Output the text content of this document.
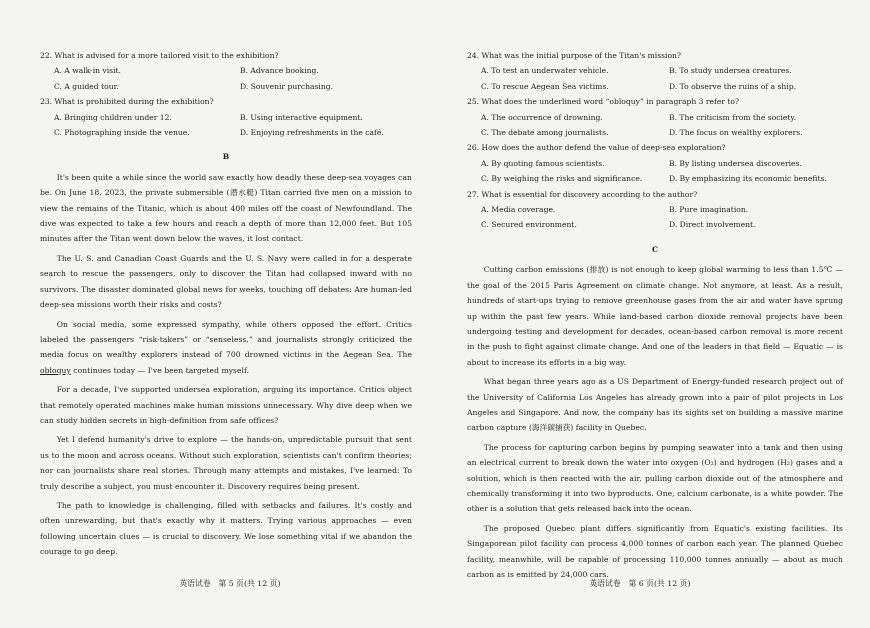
22. What is advised for a more tailored visit to the exhibition?

A. A walk-in visit.	B. Advance booking.
C. A guided tour.	D. Souvenir purchasing.

23. What is prohibited during the exhibition?

A. Bringing children under 12.	B. Using interactive equipment.
C. Photographing inside the venue.	D. Enjoying refreshments in the café.
B

It's been quite a while since the world saw exactly how deadly these deep-sea voyages can be. On June 18, 2023, the private submersible (潜水艇) Titan carried five men on a mission to view the remains of the Titanic, which is about 400 miles off the coast of Newfoundland. The dive was expected to take a few hours and reach a depth of more than 12,000 feet. But 105 minutes after the Titan went down below the waves, it lost contact.

The U. S. and Canadian Coast Guards and the U. S. Navy were called in for a desperate search to rescue the passengers, only to discover the Titan had collapsed inward with no survivors. The disaster dominated global news for weeks, touching off debates: Are human-led deep-sea missions worth their risks and costs?

On social media, some expressed sympathy, while others opposed the effort. Critics labeled the passengers “risk-takers” or “senseless,” and journalists strongly criticized the media focus on wealthy explorers instead of 700 drowned victims in the Aegean Sea. The obloquy continues today — I've been targeted myself.

For a decade, I've supported undersea exploration, arguing its importance. Critics object that remotely operated machines make human missions unnecessary. Why dive deep when we can study hidden secrets in high-definition from safe offices?

Yet I defend humanity's drive to explore — the hands-on, unpredictable pursuit that sent us to the moon and across oceans. Without such exploration, scientists can't confirm theories; nor can journalists share real stories. Through many attempts and mistakes, I've learned: To truly describe a subject, you must encounter it. Discovery requires being present.

The path to knowledge is challenging, filled with setbacks and failures. It's costly and often unrewarding, but that's exactly why it matters. Trying various approaches — even following uncertain clues — is crucial to discovery. We lose something vital if we abandon the courage to go deep.

24. What was the initial purpose of the Titan's mission?

A. To test an underwater vehicle.	B. To study undersea creatures.
C. To rescue Aegean Sea victims.	D. To observe the ruins of a ship.

25. What does the underlined word “obloquy” in paragraph 3 refer to?

A. The occurrence of drowning.	B. The criticism from the society.
C. The debate among journalists.	D. The focus on wealthy explorers.

26. How does the author defend the value of deep-sea exploration?

A. By quoting famous scientists.	B. By listing undersea discoveries.
C. By weighing the risks and significance.	D. By emphasizing its economic benefits.

27. What is essential for discovery according to the author?

A. Media coverage.	B. Pure imagination.
C. Secured environment.	D. Direct involvement.
C

Cutting carbon emissions (排放) is not enough to keep global warming to less than 1.5℃ — the goal of the 2015 Paris Agreement on climate change. Not anymore, at least. As a result, hundreds of start-ups trying to remove greenhouse gases from the air and water have sprung up within the past few years. While land-based carbon dioxide removal projects have been undergoing testing and development for decades, ocean-based carbon removal is more recent in the push to fight against climate change. And one of the leaders in that field — Equatic — is about to increase its efforts in a big way.

What began three years ago as a US Department of Energy-funded research project out of the University of California Los Angeles has already grown into a pair of pilot projects in Los Angeles and Singapore. And now, the company has its sights set on building a massive marine carbon capture (海洋碳捕获) facility in Quebec.

The process for capturing carbon begins by pumping seawater into a tank and then using an electrical current to break down the water into oxygen (O₂) and hydrogen (H₂) gases and a solution, which is then reacted with the air, pulling carbon dioxide out of the atmosphere and chemically transforming it into two byproducts. One, calcium carbonate, is a white powder. The other is a solution that gets released back into the ocean.

The proposed Quebec plant differs significantly from Equatic's existing facilities. Its Singaporean pilot facility can process 4,000 tonnes of carbon each year. The planned Quebec facility, meanwhile, will be capable of processing 110,000 tonnes annually — about as much carbon as is emitted by 24,000 cars.

英语试卷　第 5 页(共 12 页)	英语试卷　第 6 页(共 12 页)
